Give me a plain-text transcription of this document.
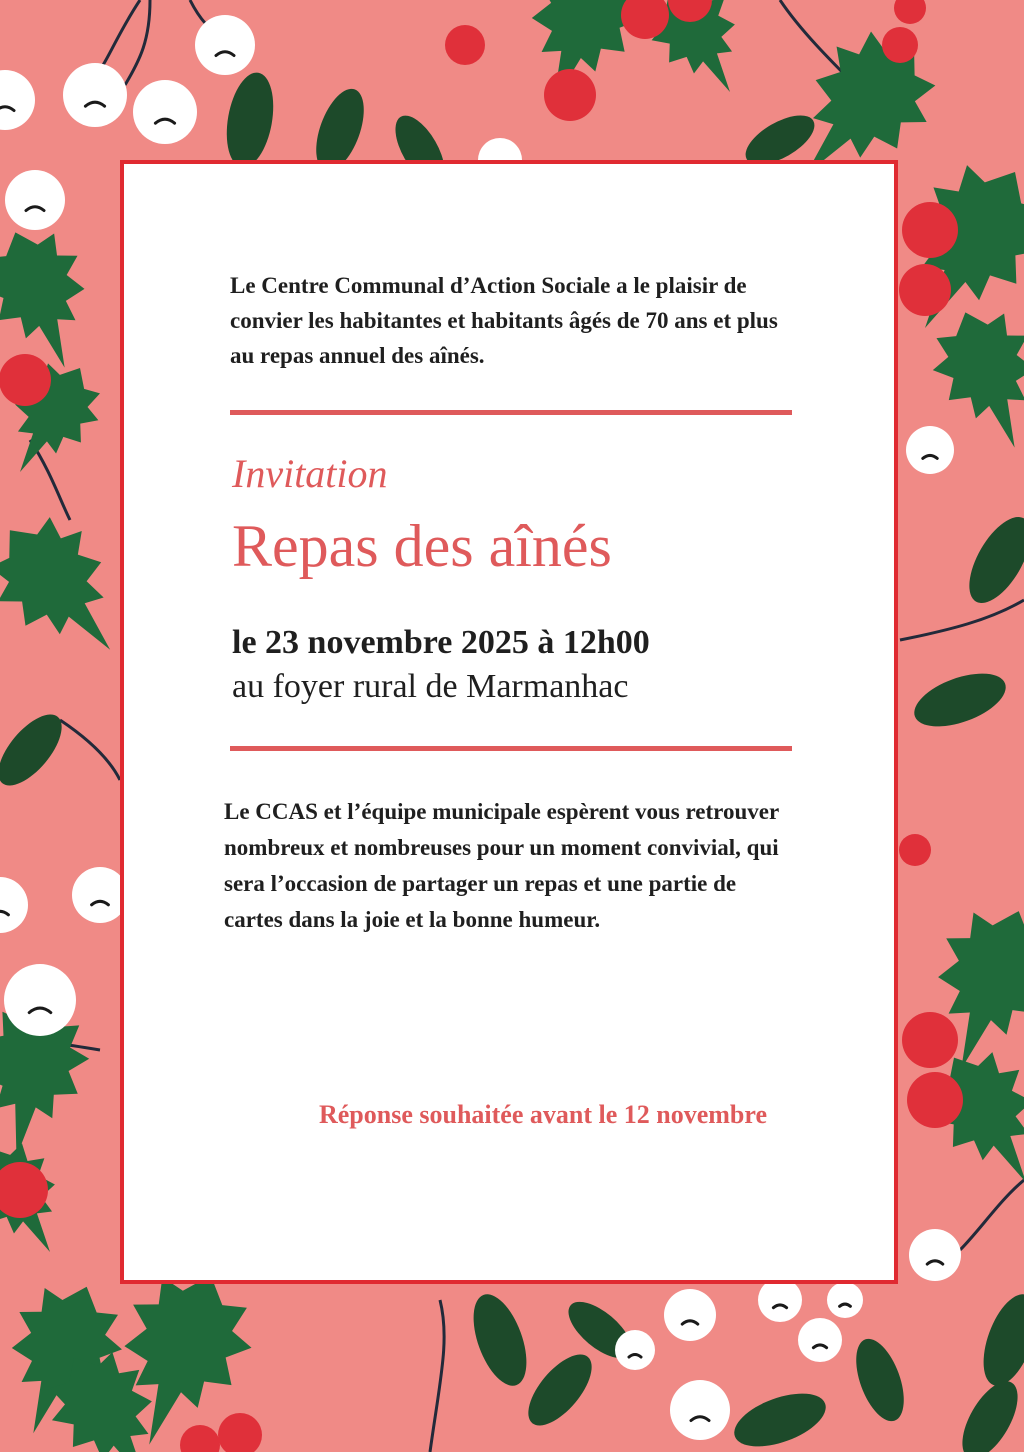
Le Centre Communal d’Action Sociale a le plaisir de convier les habitantes et habitants âgés de 70 ans et plus au repas annuel des aînés.

Invitation

Repas des aînés

le 23 novembre 2025 à 12h00

au foyer rural de Marmanhac

Le CCAS et l’équipe municipale espèrent vous retrouver nombreux et nombreuses pour un moment convivial, qui sera l’occasion de partager un repas et une partie de cartes dans la joie et la bonne humeur.

Réponse souhaitée avant le 12 novembre
